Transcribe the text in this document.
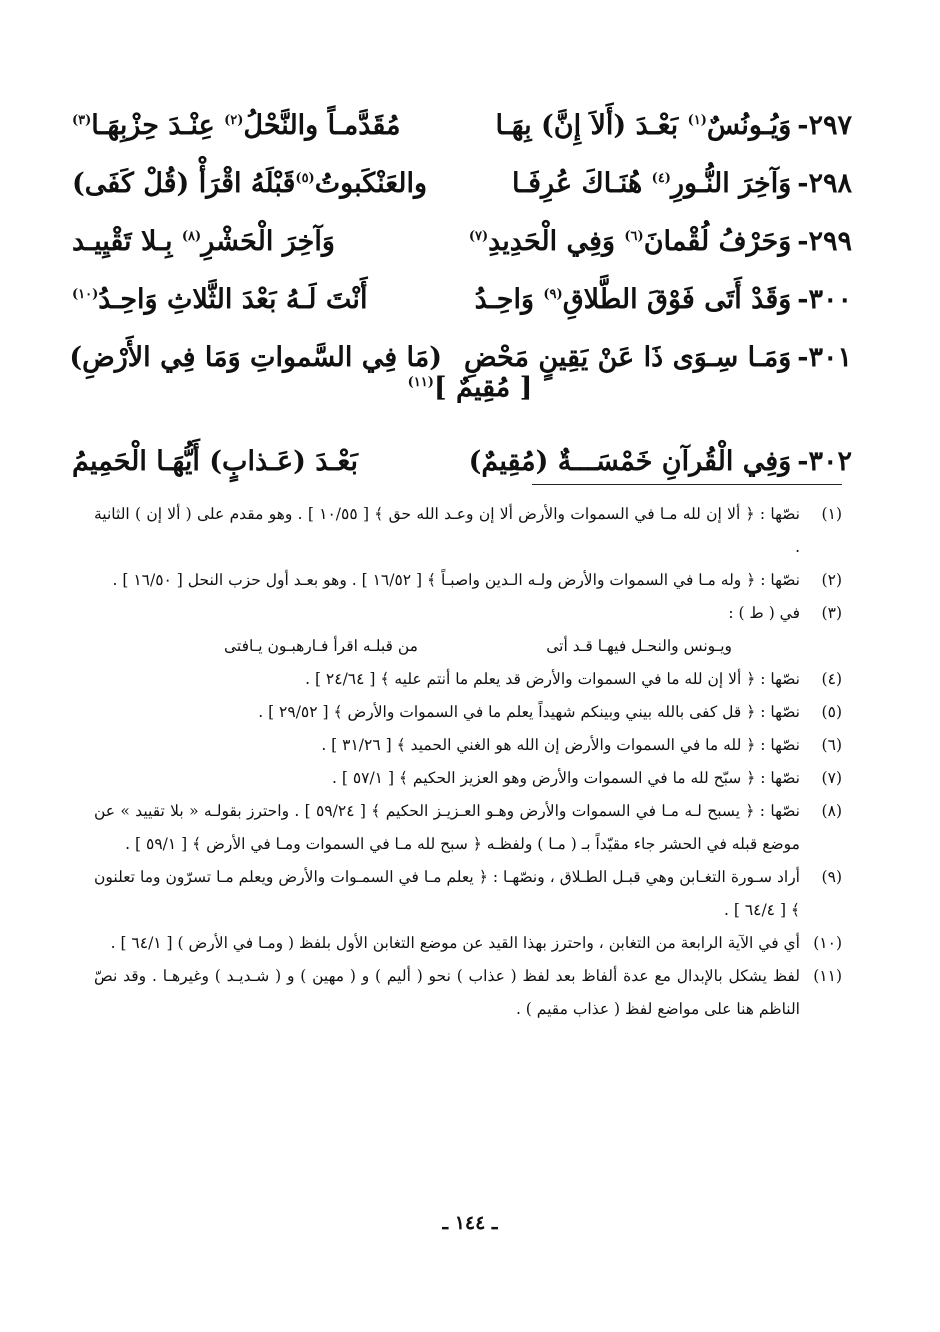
٢٩٧-وَيُـونُسٌ$^{(١)}$ بَعْـدَ (أَلاَ إِنَّ) بِهَـا
مُقَدَّمـاً والنَّحْلُ$^{(٢)}$ عِنْـدَ حِزْبِهَـا$^{(٣)}$
٢٩٨-وَآخِرَ النُّـورِ$^{(٤)}$ هُنَـاكَ عُرِفَـا
والعَنْكَبوتُ$^{(٥)}$قَبْلَهُ اقْرَأْ (قُلْ كَفَى)
٢٩٩-وَحَرْفُ لُقْمانَ$^{(٦)}$ وَفِي الْحَدِيدِ$^{(٧)}$
وَآخِرَ الْحَشْرِ$^{(٨)}$ بِـلا تَقْيِيـد
٣٠٠-وَقَدْ أَتَى فَوْقَ الطَّلاقِ$^{(٩)}$ وَاحِـدُ
أَنْتَ لَـهُ بَعْدَ الثَّلاثِ وَاحِـدُ$^{(١٠)}$
٣٠١-وَمَـا سِـوَى ذَا عَنْ يَقِينٍ مَحْضِ
(مَا فِي السَّمواتِ وَمَا فِي الأَرْضِ)
[ مُقِيمٌ ]$^{(١١)}$
٣٠٢-وَفِي الْقُرآنِ خَمْسَـــةٌ (مُقِيمٌ)
بَعْـدَ (عَـذابٍ) أَيُّهَـا الْحَمِيمُ
(١)
نصّها : ﴿ ألا إن لله مـا في السموات والأرض ألا إن وعـد الله حق ﴾ [ ١٠/٥٥ ] . وهو مقدم على ( ألا إن ) الثانية .
(٢)
نصّها : ﴿ وله مـا في السموات والأرض ولـه الـدين واصبـاً ﴾ [ ١٦/٥٢ ] . وهو بعـد أول حزب النحل [ ١٦/٥٠ ] .
(٣)
في ( ط ) :
ويـونس والنحـل فيهـا قـد أتى
من قبلـه اقرأ فـارهبـون يـافتى
(٤)
نصّها : ﴿ ألا إن لله ما في السموات والأرض قد يعلم ما أنتم عليه ﴾ [ ٢٤/٦٤ ] .
(٥)
نصّها : ﴿ قل كفى بالله بيني وبينكم شهيداً يعلم ما في السموات والأرض ﴾ [ ٢٩/٥٢ ] .
(٦)
نصّها : ﴿ لله ما في السموات والأرض إن الله هو الغني الحميد ﴾ [ ٣١/٢٦ ] .
(٧)
نصّها : ﴿ سبّح لله ما في السموات والأرض وهو العزيز الحكيم ﴾ [ ٥٧/١ ] .
(٨)
نصّها : ﴿ يسبح لـه مـا في السموات والأرض وهـو العـزيـز الحكيم ﴾ [ ٥٩/٢٤ ] . واحترز بقولـه « بلا تقييد » عن موضع قبله في الحشر جاء مقيّداً بـ ( مـا ) ولفظـه ﴿ سبح لله مـا في السموات ومـا في الأرض ﴾ [ ٥٩/١ ] .
(٩)
أراد سـورة التغـابن وهي قبـل الطـلاق ، ونصّهـا : ﴿ يعلم مـا في السمـوات والأرض ويعلم مـا تسرّون وما تعلنون ﴾ [ ٦٤/٤ ] .
(١٠)
أي في الآية الرابعة من التغابن ، واحترز بهذا القيد عن موضع التغابن الأول بلفظ ( ومـا في الأرض ) [ ٦٤/١ ] .
(١١)
لفظ يشكل بالإبدال مع عدة ألفاظ بعد لفظ ( عذاب ) نحو ( أليم ) و ( مهين ) و ( شـديـد ) وغيرهـا . وقد نصّ الناظم هنا على مواضع لفظ ( عذاب مقيم ) .
ـ ١٤٤ ـ
